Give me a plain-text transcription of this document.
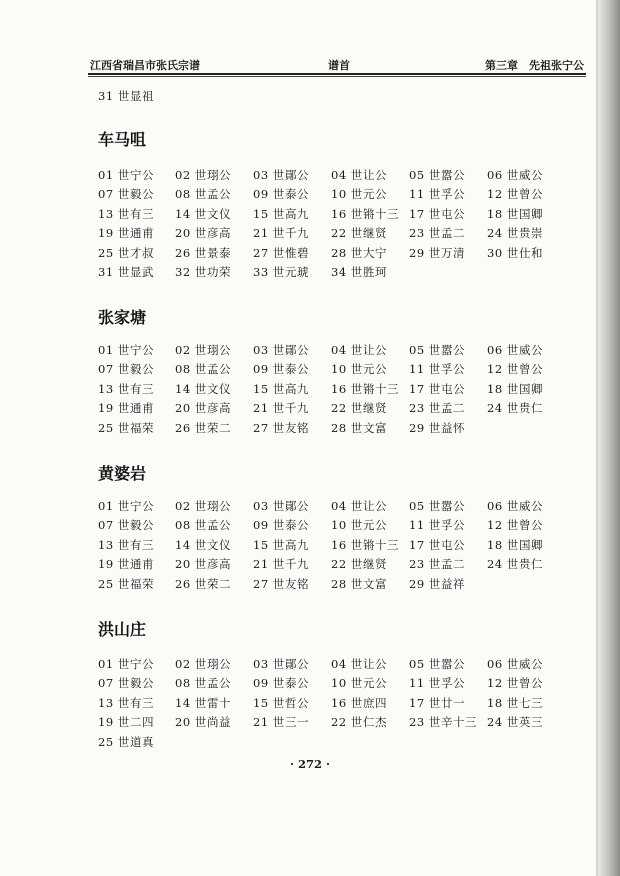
江西省瑞昌市张氏宗谱	谱首	第三章　先祖张宁公
31 世 显祖
车马咀
01 世 宁公 02 世 珝公 03 世 鄖公 04 世 让公 05 世 嚣公 06 世 威公
07 世 毅公 08 世 孟公 09 世 泰公 10 世 元公 11 世 孚公 12 世 曾公
13 世 有三 14 世 文仪 15 世 高九 16 世 锵十三 17 世 屯公 18 世 国卿
19 世 通甫 20 世 彦高 21 世 千九 22 世 继贤 23 世 孟二 24 世 贵崇
25 世 才叔 26 世 景泰 27 世 惟碧 28 世 大宁 29 世 万清 30 世 仕和
31 世 显武 32 世 功荣 33 世 元琥 34 世 胜珂
张家塘
01 世 宁公 02 世 珝公 03 世 鄖公 04 世 让公 05 世 嚣公 06 世 威公
07 世 毅公 08 世 孟公 09 世 泰公 10 世 元公 11 世 孚公 12 世 曾公
13 世 有三 14 世 文仪 15 世 高九 16 世 锵十三 17 世 屯公 18 世 国卿
19 世 通甫 20 世 彦高 21 世 千九 22 世 继贤 23 世 孟二 24 世 贵仁
25 世 福荣 26 世 荣二 27 世 友铭 28 世 文富 29 世 益怀
黄婆岩
01 世 宁公 02 世 珝公 03 世 鄖公 04 世 让公 05 世 嚣公 06 世 威公
07 世 毅公 08 世 孟公 09 世 泰公 10 世 元公 11 世 孚公 12 世 曾公
13 世 有三 14 世 文仪 15 世 高九 16 世 锵十三 17 世 屯公 18 世 国卿
19 世 通甫 20 世 彦高 21 世 千九 22 世 继贤 23 世 孟二 24 世 贵仁
25 世 福荣 26 世 荣二 27 世 友铭 28 世 文富 29 世 益祥
洪山庄
01 世 宁公 02 世 珝公 03 世 鄖公 04 世 让公 05 世 嚣公 06 世 威公
07 世 毅公 08 世 孟公 09 世 泰公 10 世 元公 11 世 孚公 12 世 曾公
13 世 有三 14 世 雷十 15 世 哲公 16 世 庶四 17 世 廿一 18 世 七三
19 世 二四 20 世 尚益 21 世 三一 22 世 仁杰 23 世 辛十三 24 世 英三
25 世 道真
· 272 ·
